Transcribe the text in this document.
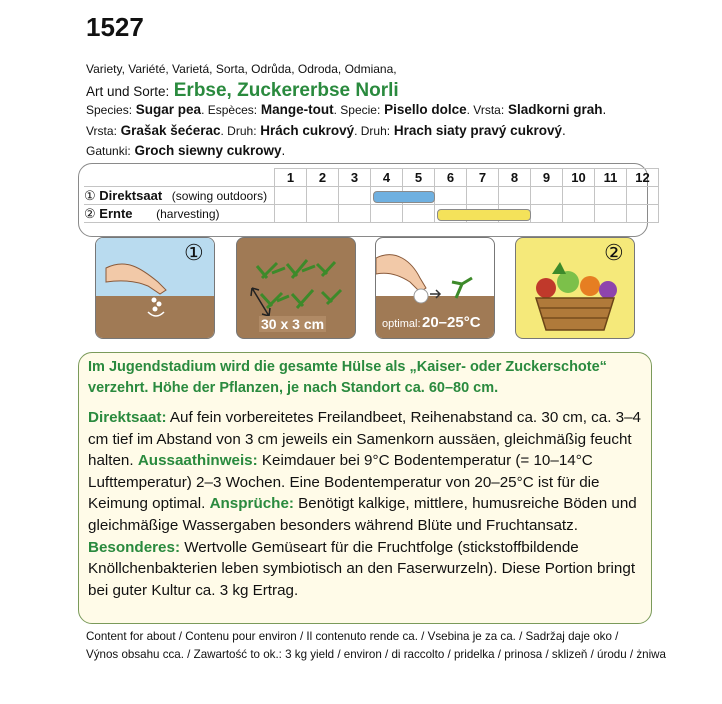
1527
Variety, Variété, Varietá, Sorta, Odrůda, Odroda, Odmiana,
Art und Sorte: Erbse, Zuckererbse Norli
Species: Sugar pea. Espèces: Mange-tout. Specie: Pisello dolce. Vrsta: Sladkorni grah.
Vrsta: Grašak šećerac. Druh: Hrách cukrový. Druh: Hrach siaty pravý cukrový.
Gatunki: Groch siewny cukrowy.
	1	2	3	4	5	6	7	8	9	10	11	12
① Direktsaat (sowing outdoors)												
② Ernte (harvesting)												
①
30 x 3 cm	optimal: 20–25°C
②
Im Jugendstadium wird die gesamte Hülse als „Kaiser- oder Zuckerschote“ verzehrt. Höhe der Pflanzen, je nach Standort ca. 60–80 cm.
Direktsaat: Auf fein vorbereitetes Freilandbeet, Reihenabstand ca. 30 cm, ca. 3–4 cm tief im Abstand von 3 cm jeweils ein Samenkorn aussäen, gleichmäßig feucht halten. Aussaathinweis: Keimdauer bei 9°C Bodentemperatur (= 10–14°C Lufttemperatur) 2–3 Wochen. Eine Bodentemperatur von 20–25°C ist für die Keimung optimal. Ansprüche: Benötigt kalkige, mittlere, humusreiche Böden und gleichmäßige Wassergaben besonders während Blüte und Fruchtansatz. Besonderes: Wertvolle Gemüseart für die Fruchtfolge (stickstoffbildende Knöllchenbakterien leben symbiotisch an den Faserwurzeln). Diese Portion bringt bei guter Kultur ca. 3 kg Ertrag.
Content for about / Contenu pour environ / Il contenuto rende ca. / Vsebina je za ca. / Sadržaj daje oko /
Výnos obsahu cca. / Zawartość to ok.: 3 kg yield / environ / di raccolto / pridelka / prinosa / sklizeň / úrodu / żniwa
